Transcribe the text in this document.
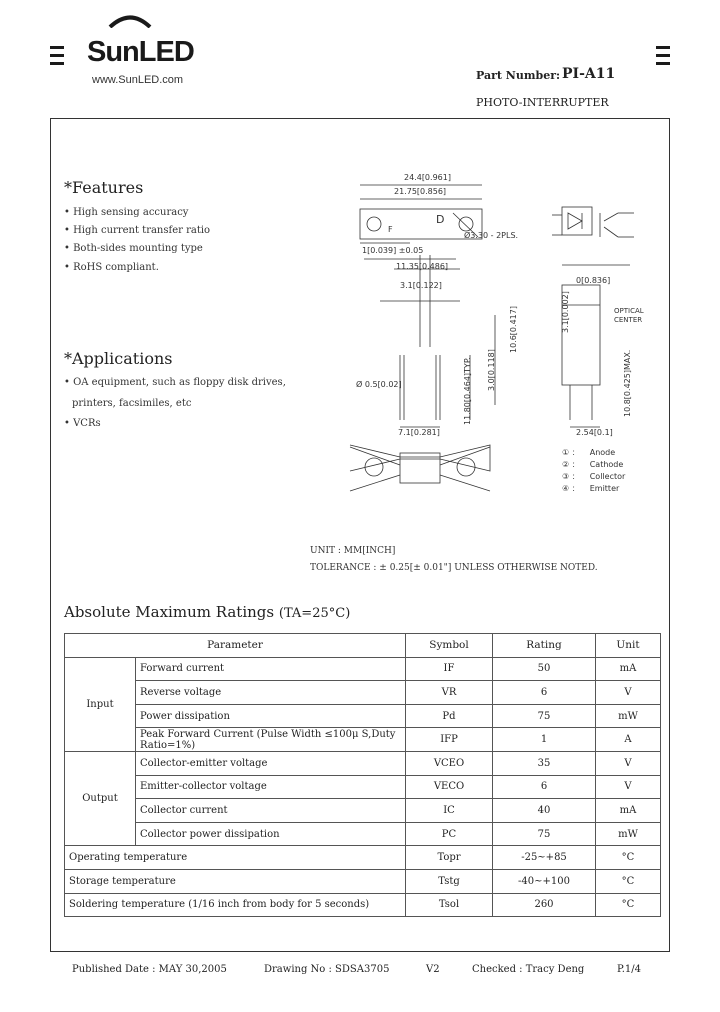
SunLED
www.SunLED.com	Part Number: PI-A11
PHOTO-INTERRUPTER
*Features
• High sensing accuracy
• High current transfer ratio
• Both-sides mounting type
• RoHS compliant.
*Applications
• OA equipment, such as floppy disk drives,
printers, facsimiles, etc
• VCRs
24.4[0.961]
21.75[0.856]
Ø3.30 - 2PLS.
1[0.039] ±0.05
11.35[0.486]
3.1[0.122]
F
D
Ø 0.5[0.02]
7.1[0.281]
0[0.836]
2.54[0.1]
OPTICAL
CENTER
10.6[0.417]
3.0[0.118]
11.80[0.464]TYP.
3.1[0.002]
10.8[0.425]MAX.
① ： Anode
② ： Cathode
③ ： Collector
④ ： Emitter
UNIT : MM[INCH]
TOLERANCE : ± 0.25[± 0.01"] UNLESS OTHERWISE NOTED.
Absolute Maximum Ratings (TA=25°C)
Parameter		Symbol	Rating	Unit
Input	Forward current	IF	50	mA
	Reverse voltage	VR	6	V
	Power dissipation	Pd	75	mW
	Peak Forward Current (Pulse Width ≤100μ S,Duty Ratio=1%)	IFP	1	A
Output	Collector-emitter voltage	VCEO	35	V
	Emitter-collector voltage	VECO	6	V
	Collector current	IC	40	mA
	Collector power dissipation	PC	75	mW
Operating temperature		Topr	-25~+85	°C
Storage temperature		Tstg	-40~+100	°C
Soldering temperature (1/16 inch from body for 5 seconds)		Tsol	260	°C
Published Date : MAY 30,2005	Drawing No : SDSA3705	V2	Checked : Tracy Deng	P.1/4
